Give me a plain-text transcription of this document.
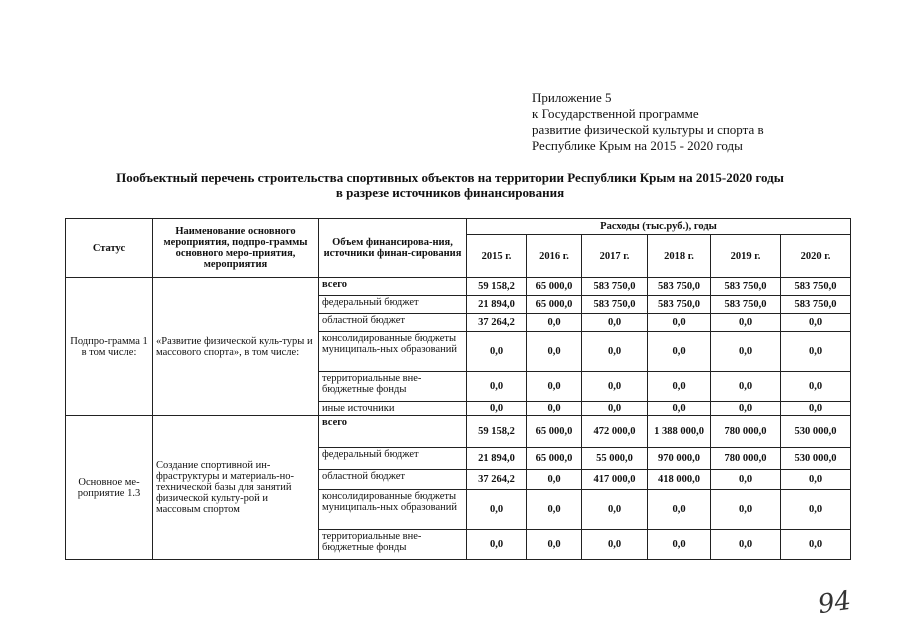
Приложение 5
к Государственной программе
развитие физической культуры и спорта в
Республике Крым на 2015 - 2020 годы
Пообъектный перечень строительства спортивных объектов на территории Республики Крым на 2015-2020 годы
в разрезе источников финансирования
Статус	Наименование основного мероприятия, подпро-граммы основного меро-приятия, мероприятия	Объем финансирова-ния, источники финан-сирования	Расходы (тыс.руб.), годы					
			2015 г.	2016 г.	2017 г.	2018 г.	2019 г.	2020 г.
Подпро-грамма 1 в том числе:	«Развитие физической куль-туры и массового спорта», в том числе:	всего	59 158,2	65 000,0	583 750,0	583 750,0	583 750,0	583 750,0
		федеральный бюджет	21 894,0	65 000,0	583 750,0	583 750,0	583 750,0	583 750,0
		областной бюджет	37 264,2	0,0	0,0	0,0	0,0	0,0
		консолидированные бюджеты муниципаль-ных образований	0,0	0,0	0,0	0,0	0,0	0,0
		территориальные вне-бюджетные фонды	0,0	0,0	0,0	0,0	0,0	0,0
		иные источники	0,0	0,0	0,0	0,0	0,0	0,0
Основное ме-роприятие 1.3	Создание спортивной ин-фраструктуры и материаль-но- технической базы для занятий физической культу-рой и массовым спортом	всего	59 158,2	65 000,0	472 000,0	1 388 000,0	780 000,0	530 000,0
		федеральный бюджет	21 894,0	65 000,0	55 000,0	970 000,0	780 000,0	530 000,0
		областной бюджет	37 264,2	0,0	417 000,0	418 000,0	0,0	0,0
		консолидированные бюджеты муниципаль-ных образований	0,0	0,0	0,0	0,0	0,0	0,0
		территориальные вне-бюджетные фонды	0,0	0,0	0,0	0,0	0,0	0,0
94
